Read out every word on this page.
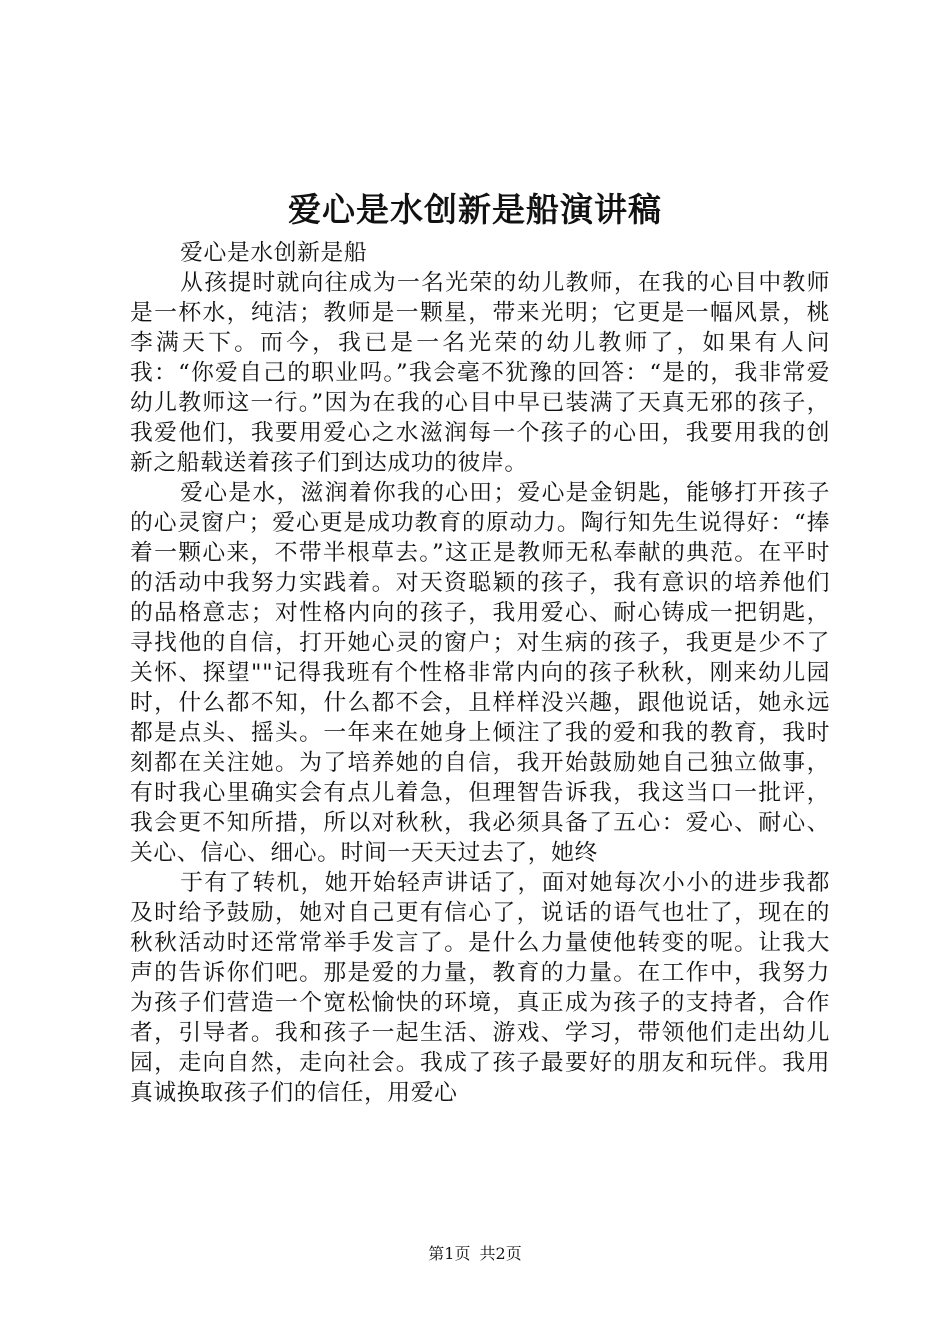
爱心是水创新是船演讲稿

爱心是水创新是船

从孩提时就向往成为一名光荣的幼儿教师，在我的心目中教师是一杯水，纯洁；教师是一颗星，带来光明；它更是一幅风景，桃李满天下。而今，我已是一名光荣的幼儿教师了，如果有人问我：“你爱自己的职业吗。”我会毫不犹豫的回答：“是的，我非常爱幼儿教师这一行。”因为在我的心目中早已装满了天真无邪的孩子，我爱他们，我要用爱心之水滋润每一个孩子的心田，我要用我的创新之船载送着孩子们到达成功的彼岸。

爱心是水，滋润着你我的心田；爱心是金钥匙，能够打开孩子的心灵窗户；爱心更是成功教育的原动力。陶行知先生说得好：“捧着一颗心来，不带半根草去。”这正是教师无私奉献的典范。在平时的活动中我努力实践着。对天资聪颖的孩子，我有意识的培养他们的品格意志；对性格内向的孩子，我用爱心、耐心铸成一把钥匙，寻找他的自信，打开她心灵的窗户；对生病的孩子，我更是少不了关怀、探望""记得我班有个性格非常内向的孩子秋秋，刚来幼儿园时，什么都不知，什么都不会，且样样没兴趣，跟他说话，她永远都是点头、摇头。一年来在她身上倾注了我的爱和我的教育，我时刻都在关注她。为了培养她的自信，我开始鼓励她自己独立做事，有时我心里确实会有点儿着急，但理智告诉我，我这当口一批评，我会更不知所措，所以对秋秋，我必须具备了五心：爱心、耐心、关心、信心、细心。时间一天天过去了，她终

于有了转机，她开始轻声讲话了，面对她每次小小的进步我都及时给予鼓励，她对自己更有信心了，说话的语气也壮了，现在的秋秋活动时还常常举手发言了。是什么力量使他转变的呢。让我大声的告诉你们吧。那是爱的力量，教育的力量。在工作中，我努力为孩子们营造一个宽松愉快的环境，真正成为孩子的支持者，合作者，引导者。我和孩子一起生活、游戏、学习，带领他们走出幼儿园，走向自然，走向社会。我成了孩子最要好的朋友和玩伴。我用真诚换取孩子们的信任，用爱心

第1页 共2页
